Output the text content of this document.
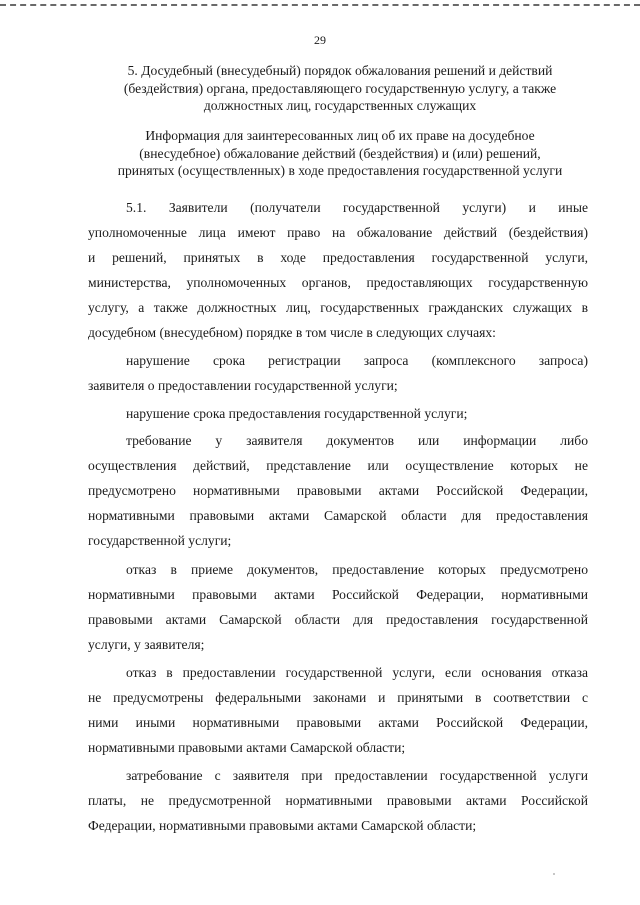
29
5. Досудебный (внесудебный) порядок обжалования решений и действий
(бездействия) органа, предоставляющего государственную услугу, а также
должностных лиц, государственных служащих
Информация для заинтересованных лиц об их праве на досудебное
(внесудебное) обжалование действий (бездействия) и (или) решений,
принятых (осуществленных) в ходе предоставления государственной услуги
5.1. Заявители (получатели государственной услуги) и иные
уполномоченные лица имеют право на обжалование действий (бездействия)
и решений, принятых в ходе предоставления государственной услуги,
министерства, уполномоченных органов, предоставляющих государственную
услугу, а также должностных лиц, государственных гражданских служащих в
досудебном (внесудебном) порядке в том числе в следующих случаях:
нарушение срока регистрации запроса (комплексного запроса)
заявителя о предоставлении государственной услуги;
нарушение срока предоставления государственной услуги;
требование у заявителя документов или информации либо
осуществления действий, представление или осуществление которых не
предусмотрено нормативными правовыми актами Российской Федерации,
нормативными правовыми актами Самарской области для предоставления
государственной услуги;
отказ в приеме документов, предоставление которых предусмотрено
нормативными правовыми актами Российской Федерации, нормативными
правовыми актами Самарской области для предоставления государственной
услуги, у заявителя;
отказ в предоставлении государственной услуги, если основания отказа
не предусмотрены федеральными законами и принятыми в соответствии с
ними иными нормативными правовыми актами Российской Федерации,
нормативными правовыми актами Самарской области;
затребование с заявителя при предоставлении государственной услуги
платы, не предусмотренной нормативными правовыми актами Российской
Федерации, нормативными правовыми актами Самарской области;
